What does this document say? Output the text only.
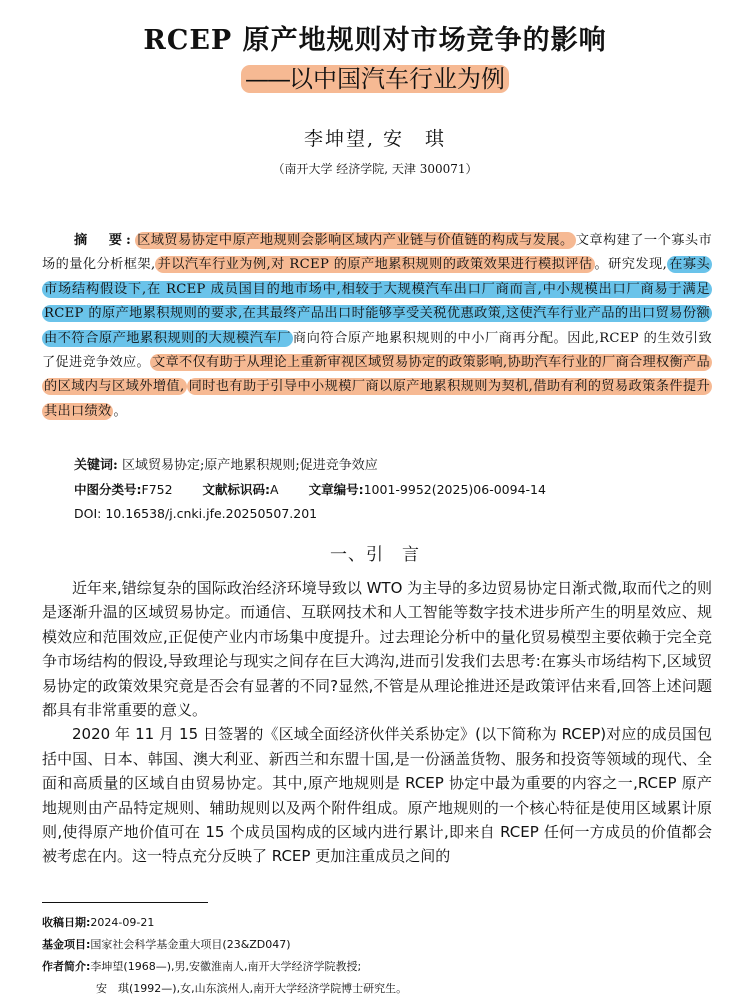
RCEP 原产地规则对市场竞争的影响
——以中国汽车行业为例
李坤望, 安　琪
（南开大学 经济学院, 天津 300071）
摘　要: 区域贸易协定中原产地规则会影响区域内产业链与价值链的构成与发展。 文章构建了一个寡头市场的量化分析框架, 并以汽车行业为例,对 RCEP 的原产地累积规则的政策效果进行模拟评估 。研究发现, 在寡头市场结构假设下,在 RCEP 成员国目的地市场中,相较于大规模汽车出口厂商而言,中小规模出口厂商易于满足 RCEP 的原产地累积规则的要求,在其最终产品出口时能够享受关税优惠政策,这使汽车行业产品的出口贸易份额由不符合原产地累积规则的大规模汽车厂 商向符合原产地累积规则的中小厂商再分配。因此,RCEP 的生效引致了促进竞争效应。 文章不仅有助于从理论上重新审视区域贸易协定的政策影响,协助汽车行业的厂商合理权衡产品的区域内与区域外增值, 同时也有助于引导中小规模厂商以原产地累积规则为契机,借助有利的贸易政策条件提升其出口绩效 。
关键词: 区域贸易协定;原产地累积规则;促进竞争效应
中图分类号:F752 文献标识码:A 文章编号:1001-9952(2025)06-0094-14
DOI: 10.16538/j.cnki.jfe.20250507.201
一、引　言

近年来,错综复杂的国际政治经济环境导致以 WTO 为主导的多边贸易协定日渐式微,取而代之的则是逐渐升温的区域贸易协定。而通信、互联网技术和人工智能等数字技术进步所产生的明星效应、规模效应和范围效应,正促使产业内市场集中度提升。过去理论分析中的量化贸易模型主要依赖于完全竞争市场结构的假设,导致理论与现实之间存在巨大鸿沟,进而引发我们去思考:在寡头市场结构下,区域贸易协定的政策效果究竟是否会有显著的不同?显然,不管是从理论推进还是政策评估来看,回答上述问题都具有非常重要的意义。

2020 年 11 月 15 日签署的《区域全面经济伙伴关系协定》(以下简称为 RCEP)对应的成员国包括中国、日本、韩国、澳大利亚、新西兰和东盟十国,是一份涵盖货物、服务和投资等领域的现代、全面和高质量的区域自由贸易协定。其中,原产地规则是 RCEP 协定中最为重要的内容之一,RCEP 原产地规则由产品特定规则、辅助规则以及两个附件组成。原产地规则的一个核心特征是使用区域累计原则,使得原产地价值可在 15 个成员国构成的区域内进行累计,即来自 RCEP 任何一方成员的价值都会被考虑在内。这一特点充分反映了 RCEP 更加注重成员之间的

收稿日期:2024-09-21
基金项目:国家社会科学基金重大项目(23&ZD047)
作者简介:李坤望(1968—),男,安徽淮南人,南开大学经济学院教授;
安　琪(1992—),女,山东滨州人,南开大学经济学院博士研究生。
